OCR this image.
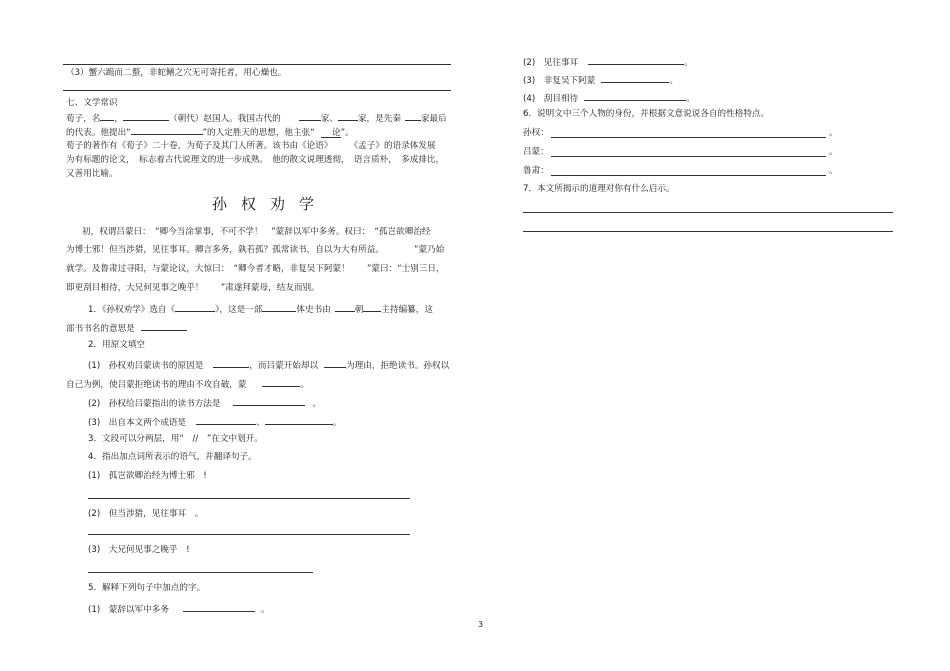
（3）蟹六跪而二螯，非蛇鳝之穴无可寄托者，用心燥也。
七、文学常识
荀子，名 ，	（朝代）赵国人。我国古代的	家、 家，是先秦 家最后
的代表。他提出“	”的人定胜天的思想，他主张“ 论”。
荀子的著作有《荀子》二十卷，为荀子及其门人所著。该书由《论语》　　　《孟子》的语录体发展
为有标题的论文，　标志着古代说理文的进一步成熟。　他的散文说理透彻，　语言质朴，　多成排比，
又善用比喻。
孙权劝学
初，权谓吕蒙曰：　“卿今当涂掌事，不可不学！　”蒙辞以军中多务。权曰：　“孤岂欲卿治经
为博士邪！但当涉猎，见往事耳。卿言多务，孰若孤？孤常读书，自以为大有所益。　　　　”蒙乃始
就学。及鲁肃过寻阳，与蒙论议，大惊曰：　“卿今者才略，非复吴下阿蒙！　　”蒙曰：“士别三日，
即更刮目相待，大兄何见事之晚乎！　　”肃遂拜蒙母，结友而别。
1．《孙权劝学》选自《	》，这是一部	体史书由	朝 主持编纂，这
部书书名的意思是
2．用原文填空
(1)　孙权劝吕蒙读书的原因是	，而吕蒙开始却以	为理由，拒绝读书。孙权以
自己为例，使吕蒙拒绝读书的理由不攻自破，蒙	。
(2)　孙权给吕蒙指出的读书方法是	。
(3)　出自本文两个成语是	、	。
3．文段可以分两层，用“　//　”在文中划开。
4．指出加点词所表示的语气，并翻译句子。
(1)　孤岂欲卿治经为博士邪　!
(2)　但当涉猎，见往事耳　。
(3)　大兄何见事之晚乎　!
5．解释下列句子中加点的字。
(1)　蒙辞以军中多务	。
(2)　见往事耳	。
(3)　非复吴下阿蒙	。
(4)　刮目相待	。
6．说明文中三个人物的身份，并根据文意说说各自的性格特点。
孙权：	。
吕蒙：	。
鲁肃：	。
7．本文所揭示的道理对你有什么启示。
3
